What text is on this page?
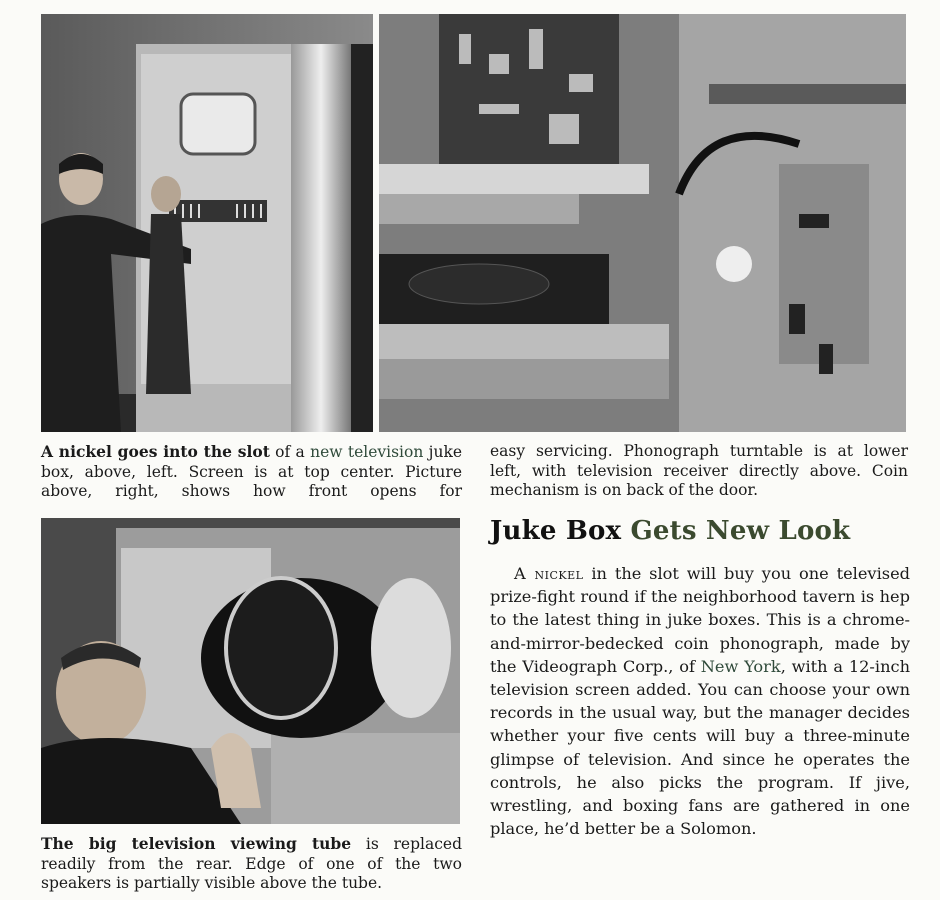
A nickel goes into the slot of a new television juke box, above, left. Screen is at top center. Picture above, right, shows how front opens for
easy servicing. Phonograph turntable is at lower left, with television receiver directly above. Coin mechanism is on back of the door.
The big television viewing tube is replaced readily from the rear. Edge of one of the two speakers is partially visible above the tube.
Juke Box Gets New Look
A nickel in the slot will buy you one televised prize-fight round if the neighborhood tavern is hep to the latest thing in juke boxes. This is a chrome-and-mirror-bedecked coin phonograph, made by the Videograph Corp., of New York, with a 12-inch television screen added. You can choose your own records in the usual way, but the manager decides whether your five cents will buy a three-minute glimpse of television. And since he operates the controls, he also picks the program. If jive, wrestling, and boxing fans are gathered in one place, he’d better be a Solomon.
